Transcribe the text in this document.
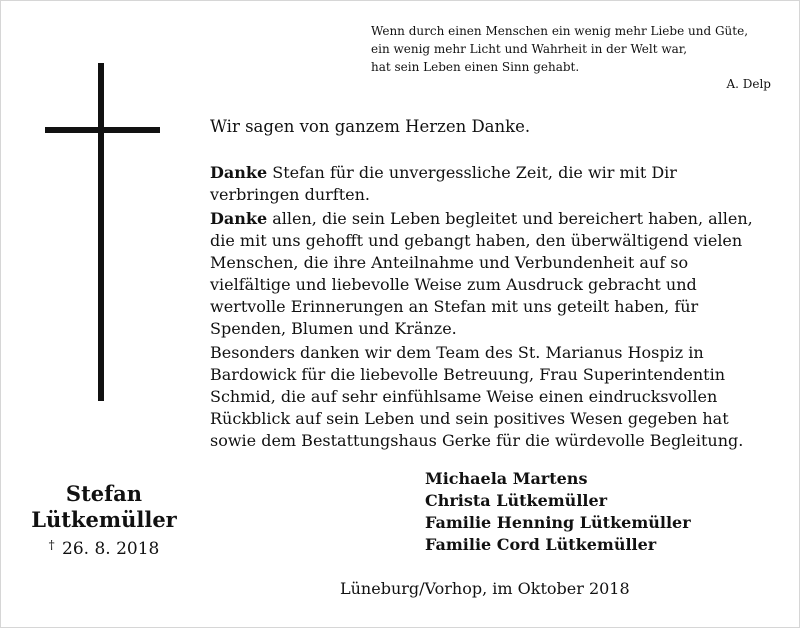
Wenn durch einen Menschen ein wenig mehr Liebe und Güte,
ein wenig mehr Licht und Wahrheit in der Welt war,
hat sein Leben einen Sinn gehabt.
A. Delp
Wir sagen von ganzem Herzen Danke.
Danke Stefan für die unvergessliche Zeit, die wir mit Dir
verbringen durften.
Danke allen, die sein Leben begleitet und bereichert haben, allen,
die mit uns gehofft und gebangt haben, den überwältigend vielen
Menschen, die ihre Anteilnahme und Verbundenheit auf so
vielfältige und liebevolle Weise zum Ausdruck gebracht und
wertvolle Erinnerungen an Stefan mit uns geteilt haben, für
Spenden, Blumen und Kränze.
Besonders danken wir dem Team des St. Marianus Hospiz in
Bardowick für die liebevolle Betreuung, Frau Superintendentin
Schmid, die auf sehr einfühlsame Weise einen eindrucksvollen
Rückblick auf sein Leben und sein positives Wesen gegeben hat
sowie dem Bestattungshaus Gerke für die würdevolle Begleitung.
Stefan
Lütkemüller
† 26. 8. 2018
Michaela Martens
Christa Lütkemüller
Familie Henning Lütkemüller
Familie Cord Lütkemüller
Lüneburg/Vorhop, im Oktober 2018
